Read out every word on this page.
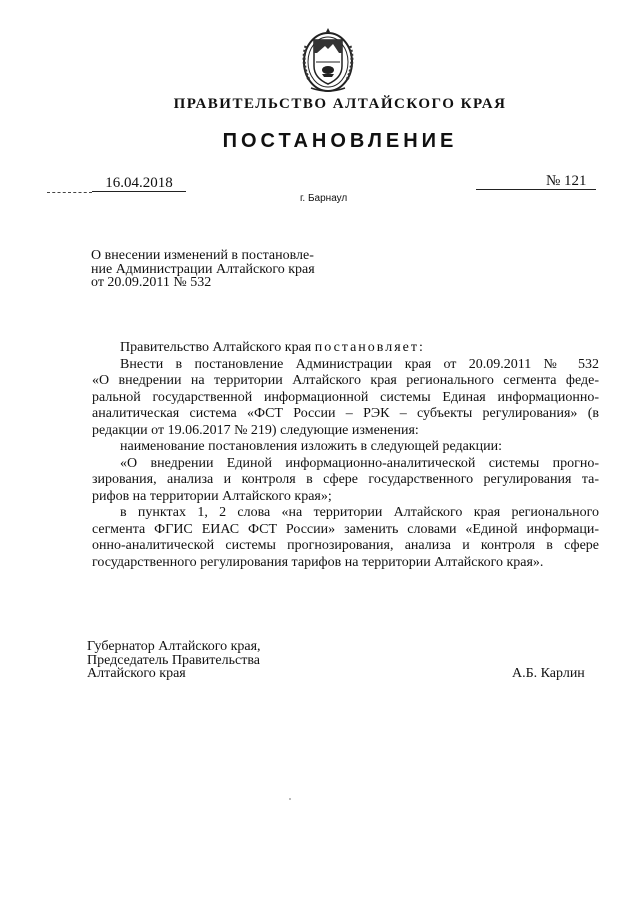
ПРАВИТЕЛЬСТВО АЛТАЙСКОГО КРАЯ
ПОСТАНОВЛЕНИЕ
16.04.2018	№ 121
г. Барнаул
О внесении изменений в постановле-
ние Администрации Алтайского края
от 20.09.2011 № 532
Правительство Алтайского края постановляет:
Внести в постановление Администрации края от 20.09.2011 № 532
«О внедрении на территории Алтайского края регионального сегмента феде-
ральной государственной информационной системы Единая информационно-
аналитическая система «ФСТ России – РЭК – субъекты регулирования» (в
редакции от 19.06.2017 № 219) следующие изменения:
наименование постановления изложить в следующей редакции:
«О внедрении Единой информационно-аналитической системы прогно-
зирования, анализа и контроля в сфере государственного регулирования та-
рифов на территории Алтайского края»;
в пунктах 1, 2 слова «на территории Алтайского края регионального
сегмента ФГИС ЕИАС ФСТ России» заменить словами «Единой информаци-
онно-аналитической системы прогнозирования, анализа и контроля в сфере
государственного регулирования тарифов на территории Алтайского края».
Губернатор Алтайского края,
Председатель Правительства
Алтайского края	А.Б. Карлин
